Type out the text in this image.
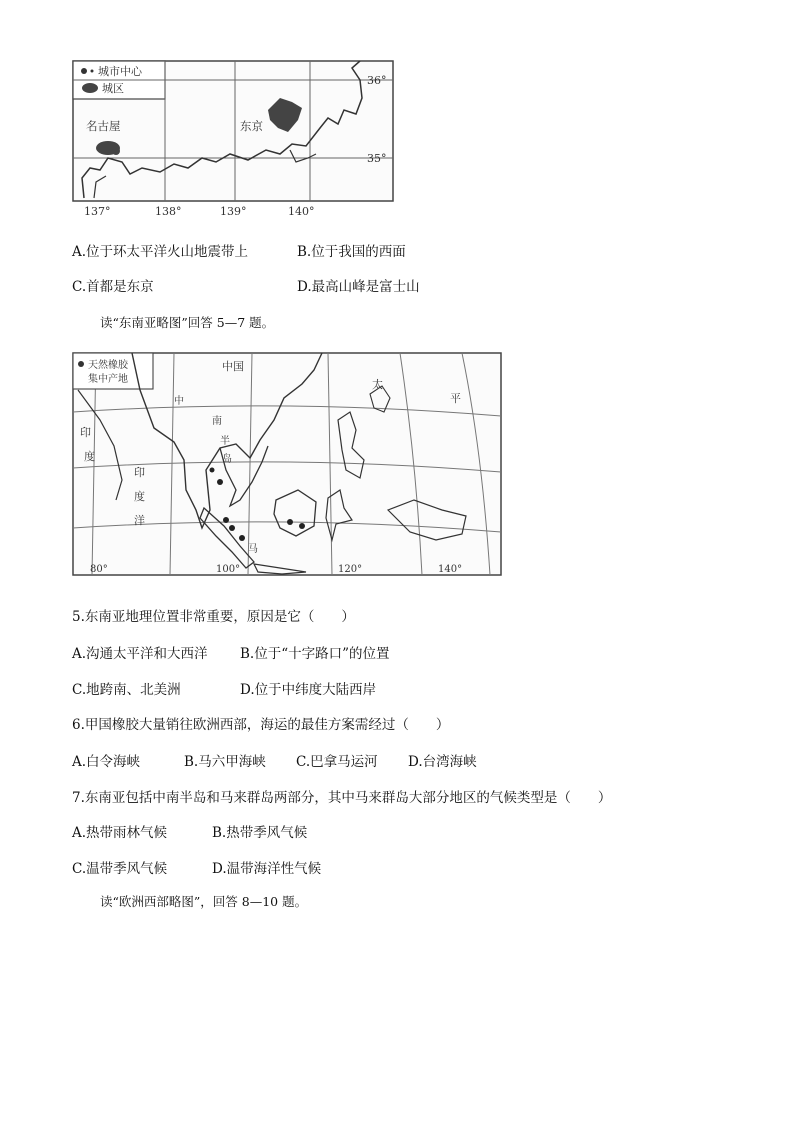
城市中心
城区
名古屋	东京
36°
35°
137°	138°	139°	140°
A.位于环太平洋火山地震带上	B.位于我国的西面
C.首都是东京	D.最高山峰是富士山
读“东南亚略图”回答 5—7 题。
天然橡胶
集中产地
中国
太
平
印
度
印
度
洋
中
南
半
岛
马
80°	100°	120°	140°
5.东南亚地理位置非常重要，原因是它（　　）
A.沟通太平洋和大西洋 B.位于“十字路口”的位置
C.地跨南、北美洲	D.位于中纬度大陆西岸
6.甲国橡胶大量销往欧洲西部，海运的最佳方案需经过（　　）
A.白令海峡	B.马六甲海峡 C.巴拿马运河 D.台湾海峡
7.东南亚包括中南半岛和马来群岛两部分，其中马来群岛大部分地区的气候类型是（　　）
A.热带雨林气候	B.热带季风气候
C.温带季风气候	D.温带海洋性气候
读“欧洲西部略图”，回答 8—10 题。
